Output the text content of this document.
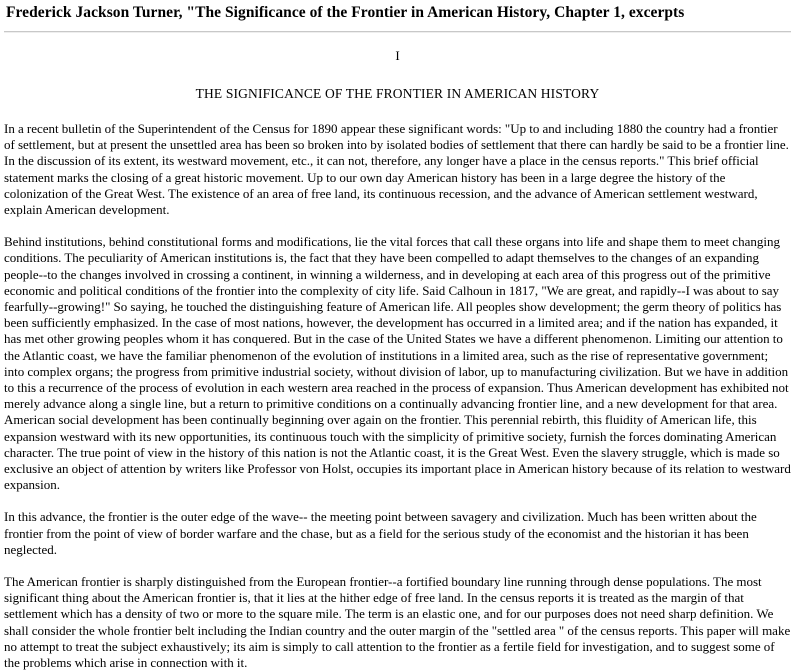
Frederick Jackson Turner, "The Significance of the Frontier in American History, Chapter 1, excerpts
I
THE SIGNIFICANCE OF THE FRONTIER IN AMERICAN HISTORY

In a recent bulletin of the Superintendent of the Census for 1890 appear these significant words: "Up to and including 1880 the country had a frontier of settlement, but at present the unsettled area has been so broken into by isolated bodies of settlement that there can hardly be said to be a frontier line. In the discussion of its extent, its westward movement, etc., it can not, therefore, any longer have a place in the census reports." This brief official statement marks the closing of a great historic movement. Up to our own day American history has been in a large degree the history of the colonization of the Great West. The existence of an area of free land, its continuous recession, and the advance of American settlement westward, explain American development.

Behind institutions, behind constitutional forms and modifications, lie the vital forces that call these organs into life and shape them to meet changing conditions. The peculiarity of American institutions is, the fact that they have been compelled to adapt themselves to the changes of an expanding people--to the changes involved in crossing a continent, in winning a wilderness, and in developing at each area of this progress out of the primitive economic and political conditions of the frontier into the complexity of city life. Said Calhoun in 1817, "We are great, and rapidly--I was about to say fearfully--growing!" So saying, he touched the distinguishing feature of American life. All peoples show development; the germ theory of politics has been sufficiently emphasized. In the case of most nations, however, the development has occurred in a limited area; and if the nation has expanded, it has met other growing peoples whom it has conquered. But in the case of the United States we have a different phenomenon. Limiting our attention to the Atlantic coast, we have the familiar phenomenon of the evolution of institutions in a limited area, such as the rise of representative government; into complex organs; the progress from primitive industrial society, without division of labor, up to manufacturing civilization. But we have in addition to this a recurrence of the process of evolution in each western area reached in the process of expansion. Thus American development has exhibited not merely advance along a single line, but a return to primitive conditions on a continually advancing frontier line, and a new development for that area. American social development has been continually beginning over again on the frontier. This perennial rebirth, this fluidity of American life, this expansion westward with its new opportunities, its continuous touch with the simplicity of primitive society, furnish the forces dominating American character. The true point of view in the history of this nation is not the Atlantic coast, it is the Great West. Even the slavery struggle, which is made so exclusive an object of attention by writers like Professor von Holst, occupies its important place in American history because of its relation to westward expansion.

In this advance, the frontier is the outer edge of the wave-- the meeting point between savagery and civilization. Much has been written about the frontier from the point of view of border warfare and the chase, but as a field for the serious study of the economist and the historian it has been neglected.

The American frontier is sharply distinguished from the European frontier--a fortified boundary line running through dense populations. The most significant thing about the American frontier is, that it lies at the hither edge of free land. In the census reports it is treated as the margin of that settlement which has a density of two or more to the square mile. The term is an elastic one, and for our purposes does not need sharp definition. We shall consider the whole frontier belt including the Indian country and the outer margin of the "settled area " of the census reports. This paper will make no attempt to treat the subject exhaustively; its aim is simply to call attention to the frontier as a fertile field for investigation, and to suggest some of the problems which arise in connection with it.
